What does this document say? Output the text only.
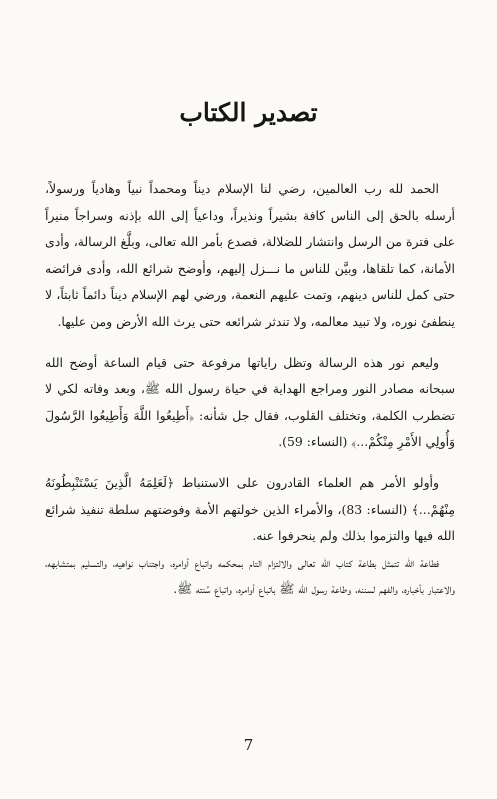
تصدير الكتاب

الحمد لله رب العالمين، رضي لنا الإسلام ديناً ومحمداً نبياً وهادياً ورسولاً، أرسله بالحق إلى الناس كافة بشيراً ونذيراً، وداعياً إلى الله بإذنه وسراجاً منيراً على فترة من الرسل وانتشار للضلالة، فصدع بأمر الله تعالى، وبلَّغ الرسالة، وأدى الأمانة، كما تلقاها، وبيَّن للناس ما نـــزل إليهم، وأوضح شرائع الله، وأدى فرائضه حتى كمل للناس دينهم، وتمت عليهم النعمة، ورضي لهم الإسلام ديناً دائماً ثابتاً، لا ينطفئ نوره، ولا تبيد معالمه، ولا تندثر شرائعه حتى يرث الله الأرض ومن عليها.

وليعم نور هذه الرسالة وتظل راياتها مرفوعة حتى قيام الساعة أوضح الله سبحانه مصادر النور ومراجع الهداية في حياة رسول الله ﷺ، وبعد وفاته لكي لا تضطرب الكلمة، وتختلف القلوب، فقال جل شأنه: ﴿أَطِيعُوا اللَّهَ وَأَطِيعُوا الرَّسُولَ وَأُولِي الأَمْرِ مِنْكُمْ...﴾ (النساء: 59).

وأولو الأمر هم العلماء القادرون على الاستنباط ﴿لَعَلِمَهُ الَّذِينَ يَسْتَنْبِطُونَهُ مِنْهُمْ...﴾ (النساء: 83)، والأمراء الذين خولتهم الأمة وفوضتهم سلطة تنفيذ شرائع الله فيها والتزموا بذلك ولم ينحرفوا عنه.

فطاعة الله تتمثل بطاعة كتاب الله تعالى والالتزام التام بمحكمه واتباع أوامره، واجتناب نواهيه، والتسليم بمتشابهه، والاعتبار بأخباره، والفهم لسننه، وطاعة رسول الله ﷺ باتباع أوامره، واتباع سُنته ﷺ.

7
